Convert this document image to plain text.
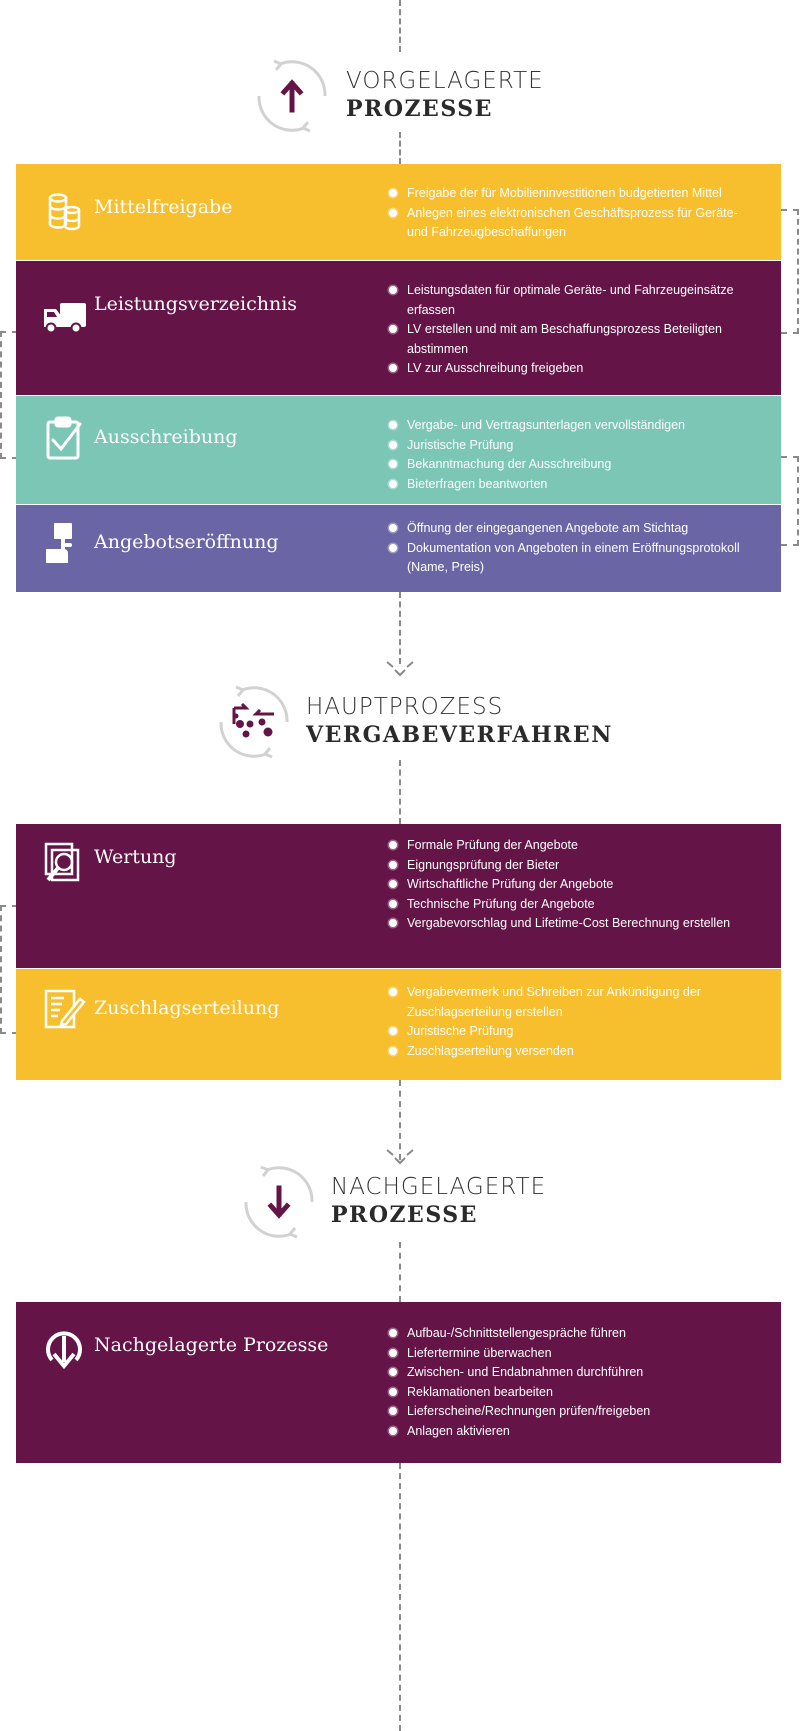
VORGELAGERTE
PROZESSE
Mittelfreigabe
Freigabe der für Mobilieninvestitionen budgetierten Mittel
Anlegen eines elektronischen Geschäftsprozess für Geräte- und Fahrzeugbeschaffungen
Leistungsverzeichnis
Leistungsdaten für optimale Geräte- und Fahrzeugeinsätze erfassen
LV erstellen und mit am Beschaffungsprozess Beteiligten abstimmen
LV zur Ausschreibung freigeben
Ausschreibung
Vergabe- und Vertragsunterlagen vervollständigen
Juristische Prüfung
Bekanntmachung der Ausschreibung
Bieterfragen beantworten
Angebotseröffnung
Öffnung der eingegangenen Angebote am Stichtag
Dokumentation von Angeboten in einem Eröffnungsprotokoll (Name, Preis)
HAUPTPROZESS
VERGABEVERFAHREN
Wertung
Formale Prüfung der Angebote
Eignungsprüfung der Bieter
Wirtschaftliche Prüfung der Angebote
Technische Prüfung der Angebote
Vergabevorschlag und Lifetime-Cost Berechnung erstellen
Zuschlagserteilung
Vergabevermerk und Schreiben zur Ankündigung der Zuschlagserteilung erstellen
Juristische Prüfung
Zuschlagserteilung versenden
NACHGELAGERTE
PROZESSE
Nachgelagerte Prozesse
Aufbau-/Schnittstellengespräche führen
Liefertermine überwachen
Zwischen- und Endabnahmen durchführen
Reklamationen bearbeiten
Lieferscheine/Rechnungen prüfen/freigeben
Anlagen aktivieren
